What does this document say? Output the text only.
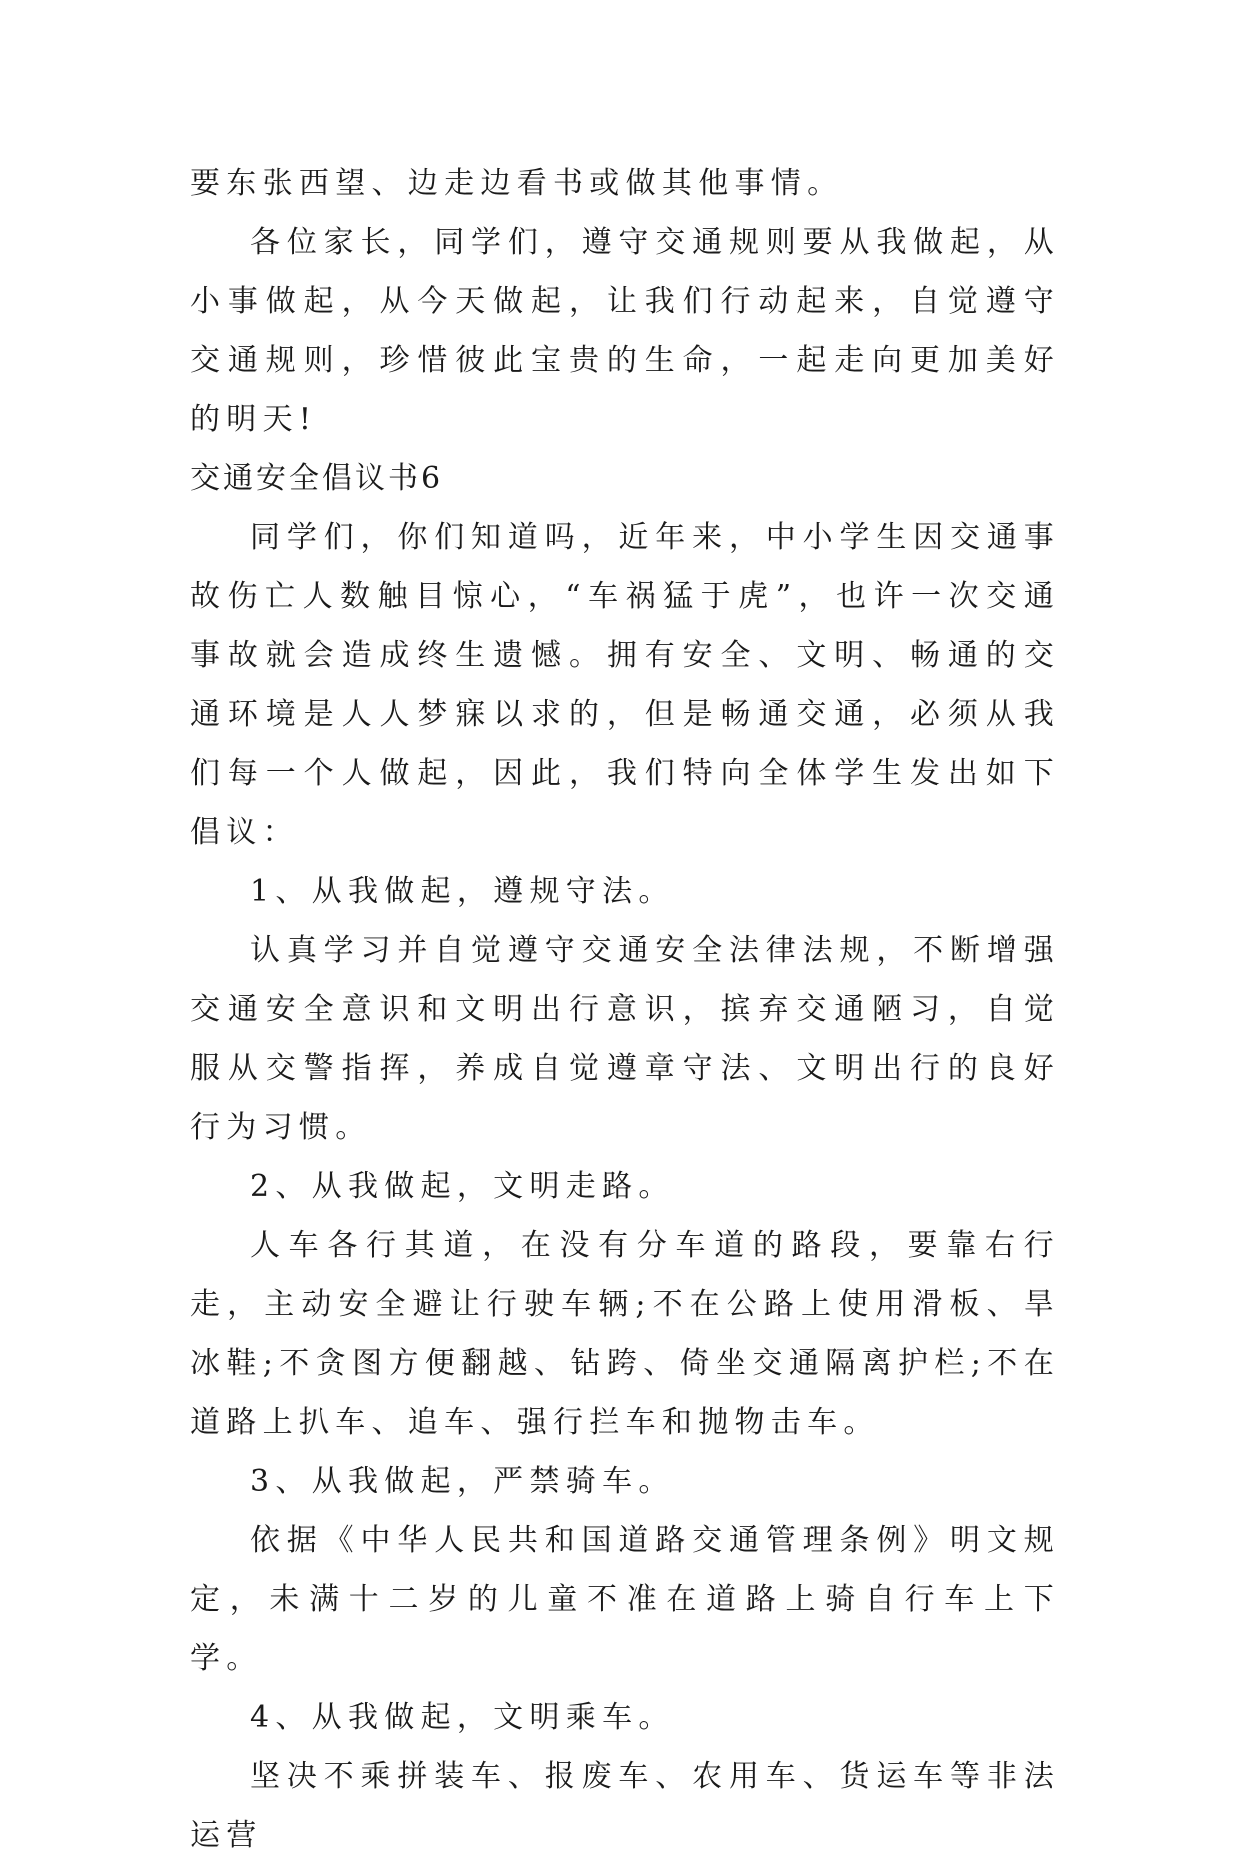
要东张西望、边走边看书或做其他事情。

各位家长，同学们，遵守交通规则要从我做起，从小事做起，从今天做起，让我们行动起来，自觉遵守交通规则，珍惜彼此宝贵的生命，一起走向更加美好的明天!

交通安全倡议书6

同学们，你们知道吗，近年来，中小学生因交通事故伤亡人数触目惊心，“车祸猛于虎”，也许一次交通事故就会造成终生遗憾。拥有安全、文明、畅通的交通环境是人人梦寐以求的，但是畅通交通，必须从我们每一个人做起，因此，我们特向全体学生发出如下倡议：

1、从我做起，遵规守法。

认真学习并自觉遵守交通安全法律法规，不断增强交通安全意识和文明出行意识，摈弃交通陋习，自觉服从交警指挥，养成自觉遵章守法、文明出行的良好行为习惯。

2、从我做起，文明走路。

人车各行其道，在没有分车道的路段，要靠右行走，主动安全避让行驶车辆;不在公路上使用滑板、旱冰鞋;不贪图方便翻越、钻跨、倚坐交通隔离护栏;不在道路上扒车、追车、强行拦车和抛物击车。

3、从我做起，严禁骑车。

依据《中华人民共和国道路交通管理条例》明文规定，未满十二岁的儿童不准在道路上骑自行车上下学。

4、从我做起，文明乘车。

坚决不乘拼装车、报废车、农用车、货运车等非法运营
